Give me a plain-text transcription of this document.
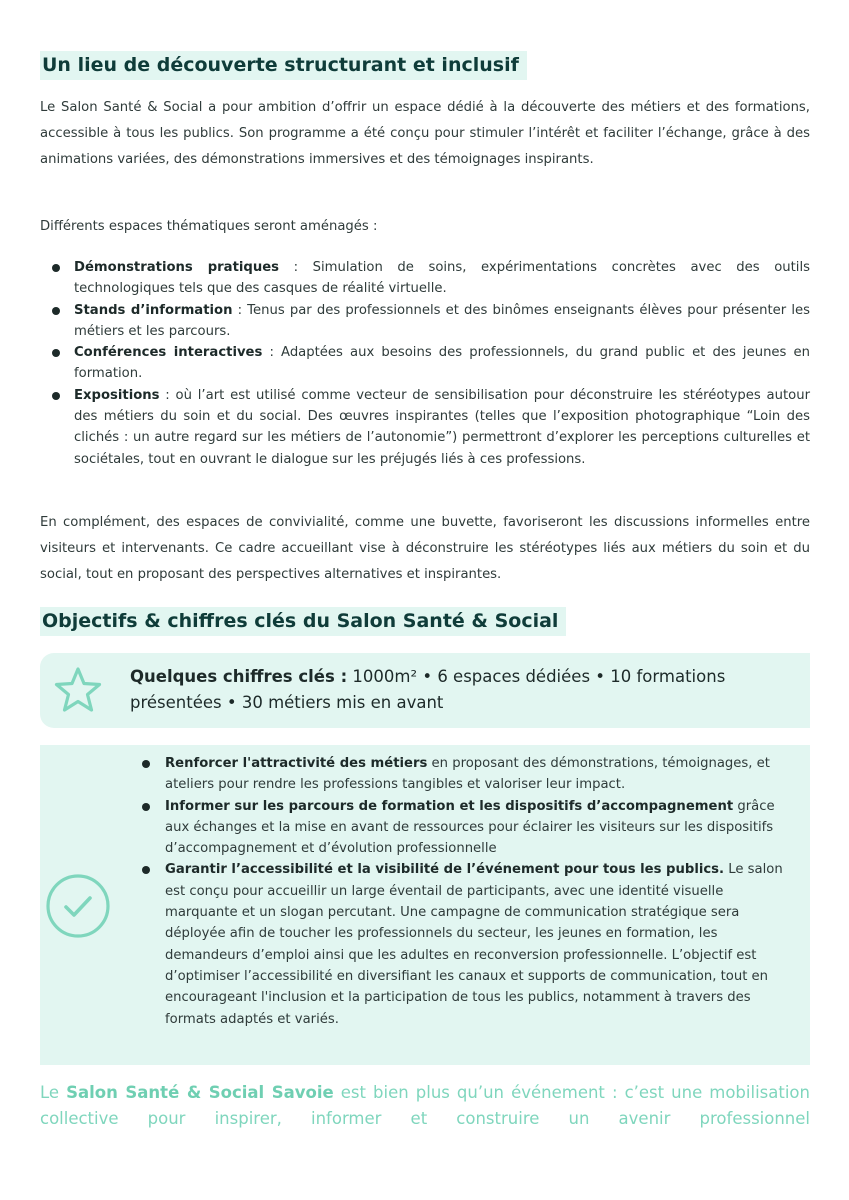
Un lieu de découverte structurant et inclusif

Le Salon Santé & Social a pour ambition d’offrir un espace dédié à la découverte des métiers et des formations, accessible à tous les publics. Son programme a été conçu pour stimuler l’intérêt et faciliter l’échange, grâce à des animations variées, des démonstrations immersives et des témoignages inspirants.

Différents espaces thématiques seront aménagés :

Démonstrations pratiques : Simulation de soins, expérimentations concrètes avec des outils technologiques tels que des casques de réalité virtuelle.
Stands d’information : Tenus par des professionnels et des binômes enseignants élèves pour présenter les métiers et les parcours.
Conférences interactives : Adaptées aux besoins des professionnels, du grand public et des jeunes en formation.
Expositions : où l’art est utilisé comme vecteur de sensibilisation pour déconstruire les stéréotypes autour des métiers du soin et du social. Des œuvres inspirantes (telles que l’exposition photographique “Loin des clichés : un autre regard sur les métiers de l’autonomie”) permettront d’explorer les perceptions culturelles et sociétales, tout en ouvrant le dialogue sur les préjugés liés à ces professions.

En complément, des espaces de convivialité, comme une buvette, favoriseront les discussions informelles entre visiteurs et intervenants. Ce cadre accueillant vise à déconstruire les stéréotypes liés aux métiers du soin et du social, tout en proposant des perspectives alternatives et inspirantes.

Objectifs & chiffres clés du Salon Santé & Social
Quelques chiffres clés : 1000m² • 6 espaces dédiées • 10 formations présentées • 30 métiers mis en avant
Renforcer l'attractivité des métiers en proposant des démonstrations, témoignages, et ateliers pour rendre les professions tangibles et valoriser leur impact.
Informer sur les parcours de formation et les dispositifs d’accompagnement grâce aux échanges et la mise en avant de ressources pour éclairer les visiteurs sur les dispositifs d’accompagnement et d’évolution professionnelle
Garantir l’accessibilité et la visibilité de l’événement pour tous les publics. Le salon est conçu pour accueillir un large éventail de participants, avec une identité visuelle marquante et un slogan percutant. Une campagne de communication stratégique sera déployée afin de toucher les professionnels du secteur, les jeunes en formation, les demandeurs d’emploi ainsi que les adultes en reconversion professionnelle. L’objectif est d’optimiser l’accessibilité en diversifiant les canaux et supports de communication, tout en encourageant l'inclusion et la participation de tous les publics, notamment à travers des formats adaptés et variés.

Le Salon Santé & Social Savoie est bien plus qu’un événement : c’est une mobilisation collective pour inspirer, informer et construire un avenir professionnel
